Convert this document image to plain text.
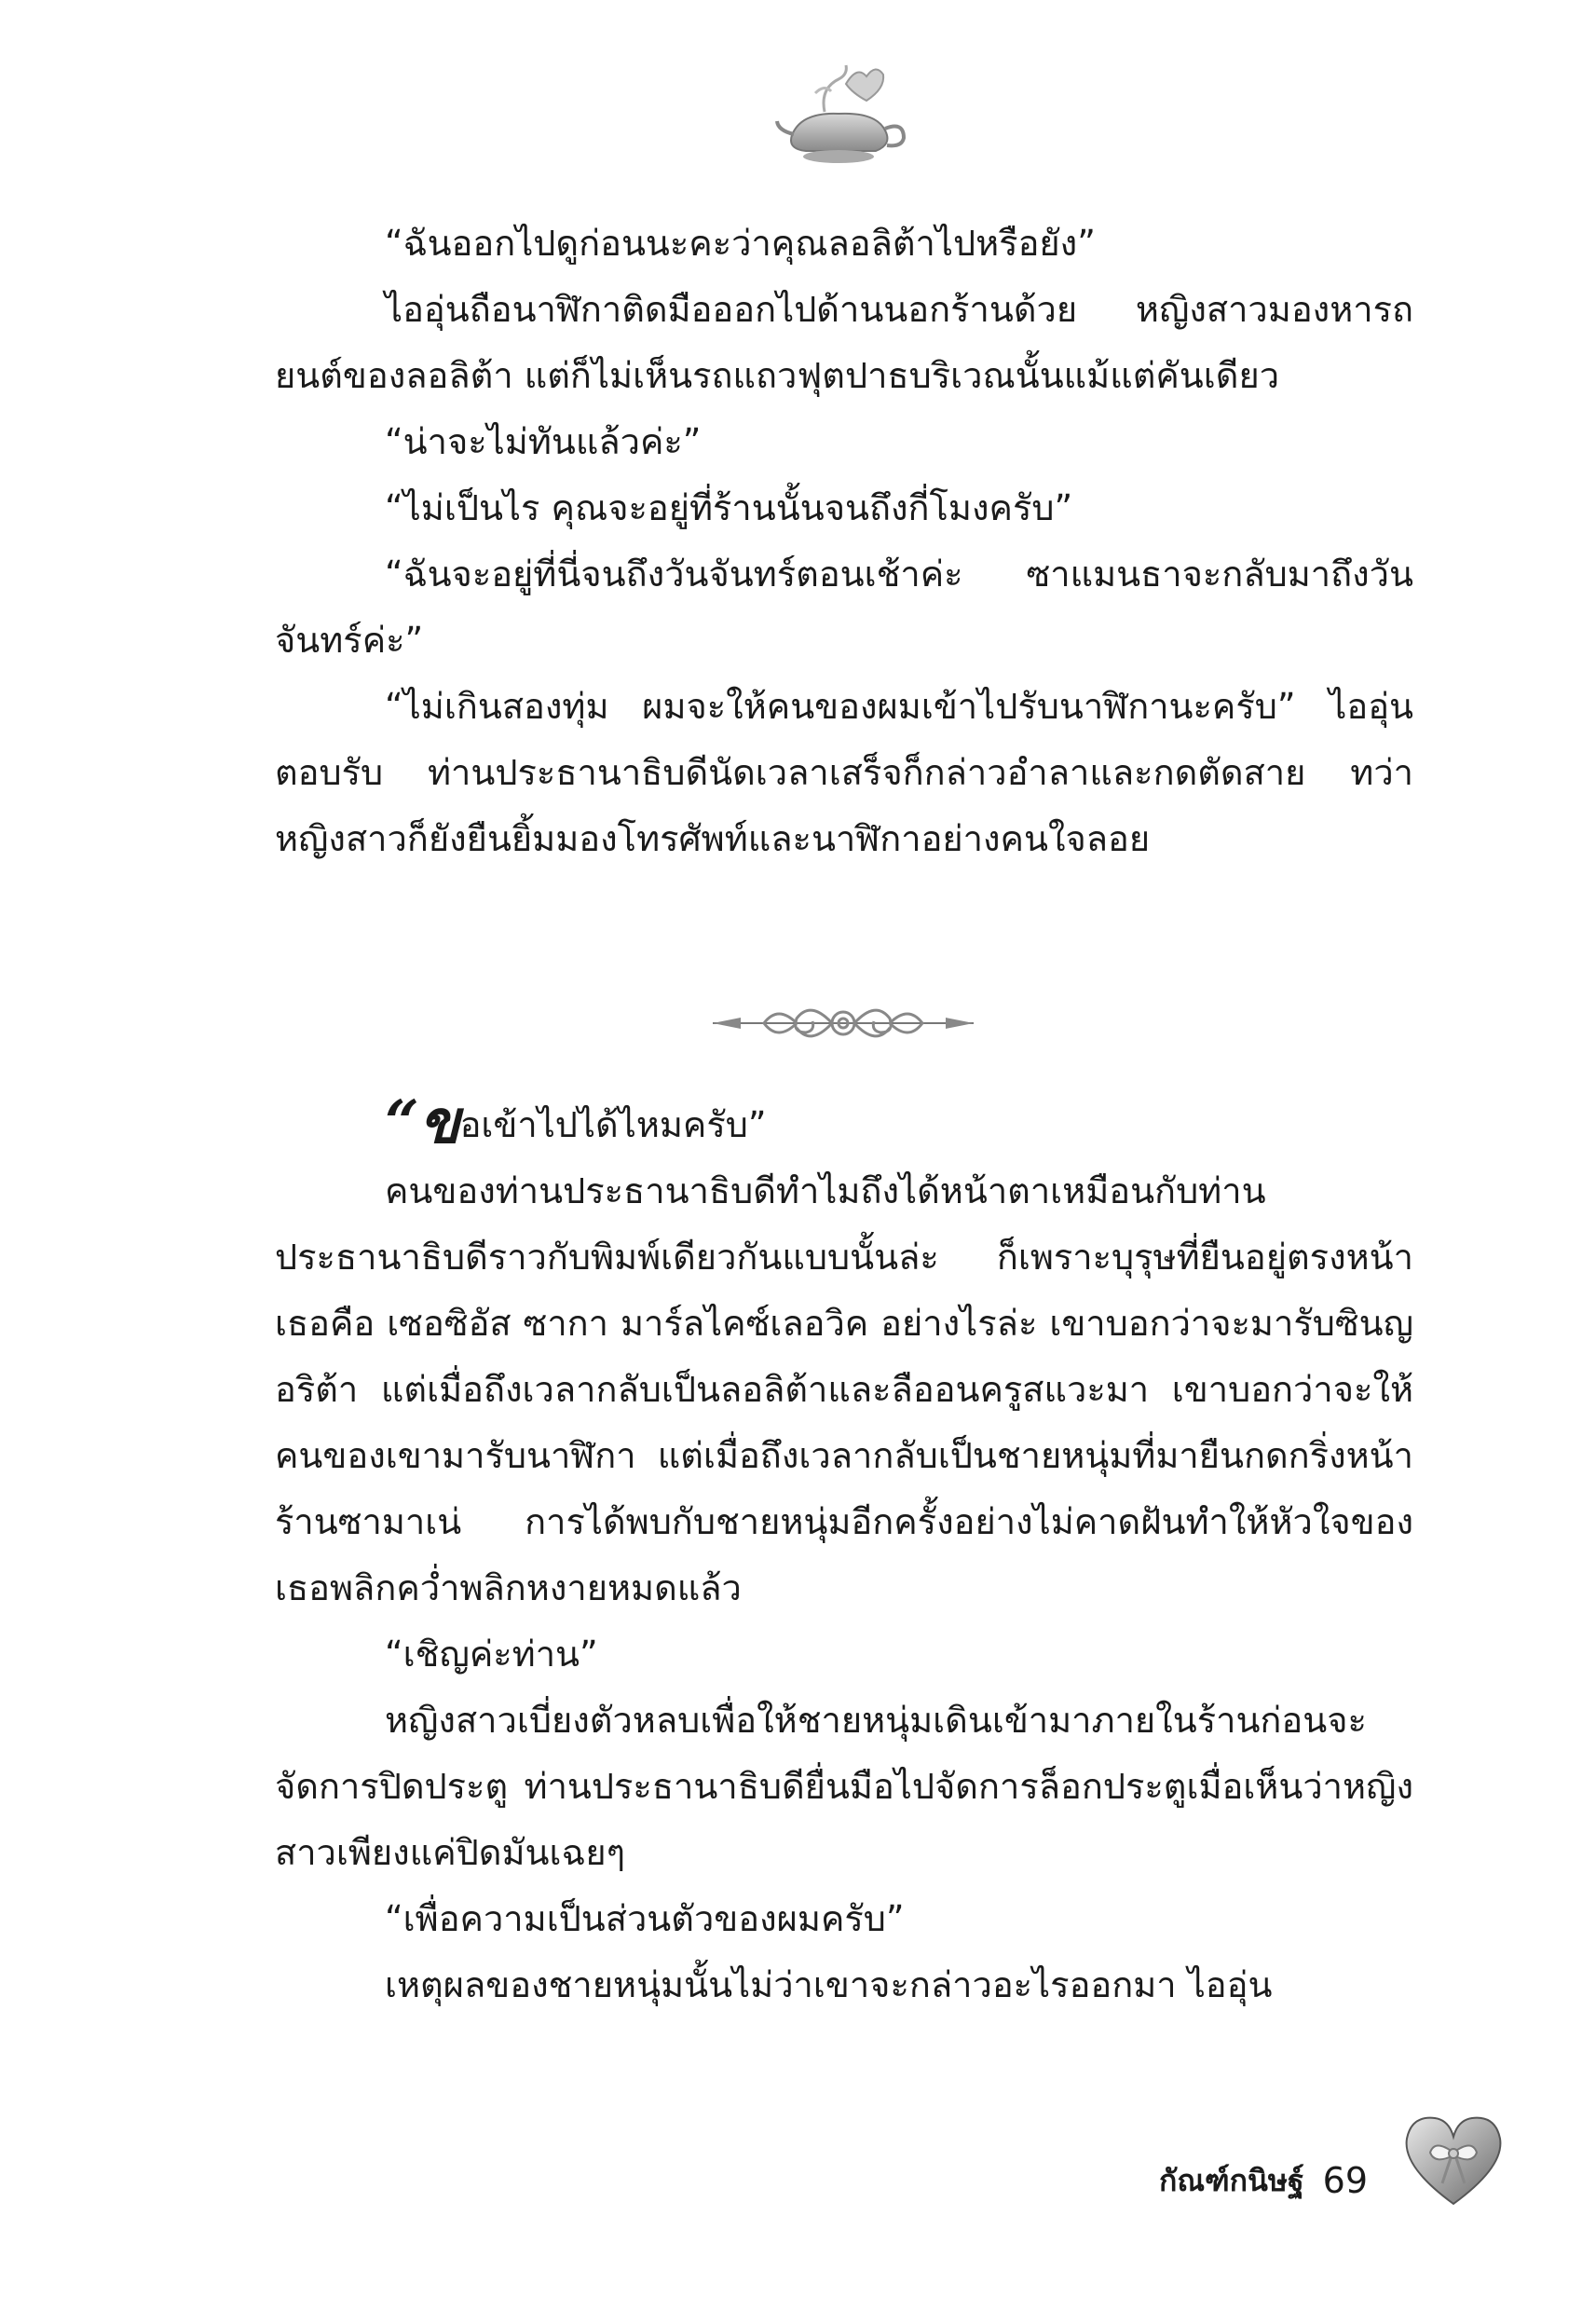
“ฉันออกไปดูก่อนนะคะว่าคุณลอลิต้าไปหรือยัง”

ไออุ่นถือนาฬิกาติดมือออกไปด้านนอกร้านด้วย หญิงสาวมองหารถยนต์ของลอลิต้า แต่ก็ไม่เห็นรถแถวฟุตปาธบริเวณนั้นแม้แต่คันเดียว

“น่าจะไม่ทันแล้วค่ะ”

“ไม่เป็นไร คุณจะอยู่ที่ร้านนั้นจนถึงกี่โมงครับ”

“ฉันจะอยู่ที่นี่จนถึงวันจันทร์ตอนเช้าค่ะ ซาแมนธาจะกลับมาถึงวันจันทร์ค่ะ”

“ไม่เกินสองทุ่ม ผมจะให้คนของผมเข้าไปรับนาฬิกานะครับ” ไออุ่นตอบรับ ท่านประธานาธิบดีนัดเวลาเสร็จก็กล่าวอำลาและกดตัดสาย ทว่าหญิงสาวก็ยังยืนยิ้มมองโทรศัพท์และนาฬิกาอย่างคนใจลอย

“ขอเข้าไปได้ไหมครับ”

คนของท่านประธานาธิบดีทำไมถึงได้หน้าตาเหมือนกับท่านประธานาธิบดีราวกับพิมพ์เดียวกันแบบนั้นล่ะ ก็เพราะบุรุษที่ยืนอยู่ตรงหน้าเธอคือ เซอซิอัส ซากา มาร์ลไคซ์เลอวิค อย่างไรล่ะ เขาบอกว่าจะมารับซินญอริต้า แต่เมื่อถึงเวลากลับเป็นลอลิต้าและลืออนครูสแวะมา เขาบอกว่าจะให้คนของเขามารับนาฬิกา แต่เมื่อถึงเวลากลับเป็นชายหนุ่มที่มายืนกดกริ่งหน้าร้านซามาเน่ การได้พบกับชายหนุ่มอีกครั้งอย่างไม่คาดฝันทำให้หัวใจของเธอพลิกคว่ำพลิกหงายหมดแล้ว

“เชิญค่ะท่าน”

หญิงสาวเบี่ยงตัวหลบเพื่อให้ชายหนุ่มเดินเข้ามาภายในร้านก่อนจะจัดการปิดประตู ท่านประธานาธิบดียื่นมือไปจัดการล็อกประตูเมื่อเห็นว่าหญิงสาวเพียงแค่ปิดมันเฉยๆ

“เพื่อความเป็นส่วนตัวของผมครับ”

เหตุผลของชายหนุ่มนั้นไม่ว่าเขาจะกล่าวอะไรออกมา ไออุ่น

กัณฑ์กนิษฐ์ 69
